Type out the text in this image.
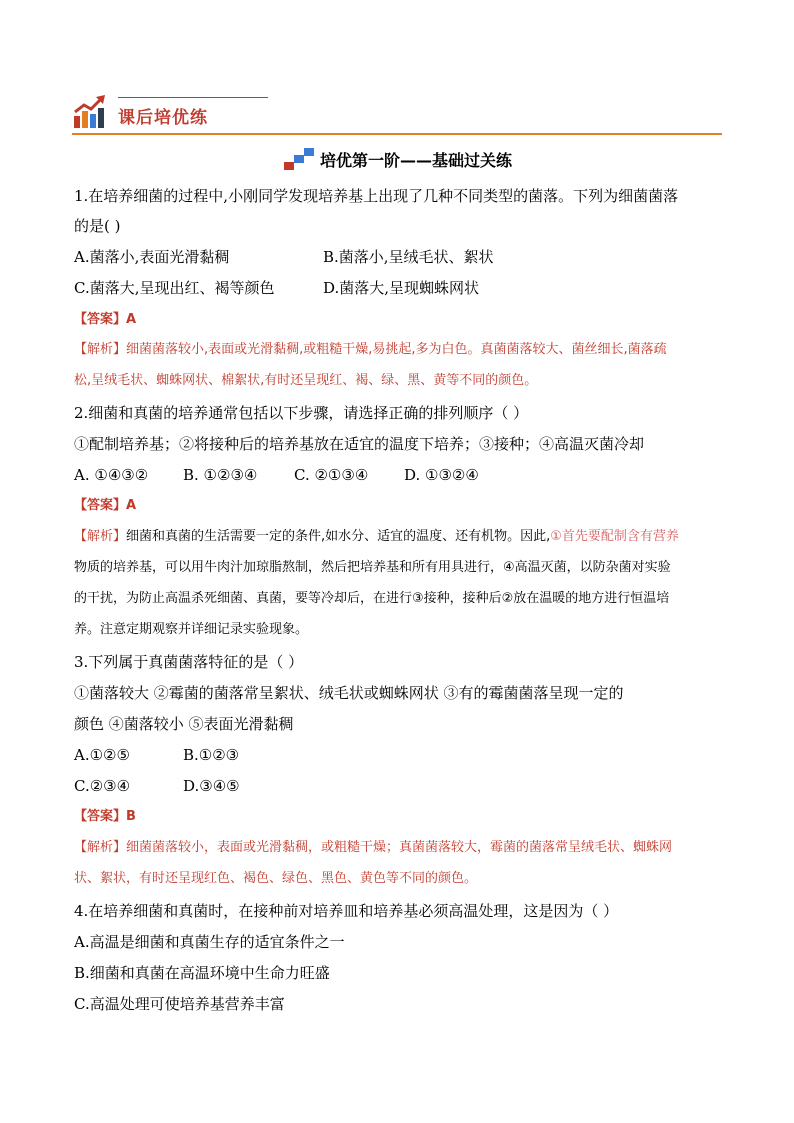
课后培优练
培优第一阶——基础过关练
1.在培养细菌的过程中,小刚同学发现培养基上出现了几种不同类型的菌落。下列为细菌菌落
的是( )
A.菌落小,表面光滑黏稠	B.菌落小,呈绒毛状、絮状
C.菌落大,呈现出红、褐等颜色	D.菌落大,呈现蜘蛛网状
【答案】A
【解析】细菌菌落较小,表面或光滑黏稠,或粗糙干燥,易挑起,多为白色。真菌菌落较大、菌丝细长,菌落疏
松,呈绒毛状、蜘蛛网状、棉絮状,有时还呈现红、褐、绿、黑、黄等不同的颜色。
2.细菌和真菌的培养通常包括以下步骤，请选择正确的排列顺序（ ）
①配制培养基；②将接种后的培养基放在适宜的温度下培养；③接种；④高温灭菌冷却
A. ①④③② B. ①②③④ C. ②①③④ D. ①③②④
【答案】A
【解析】细菌和真菌的生活需要一定的条件,如水分、适宜的温度、还有机物。因此,①首先要配制含有营养
物质的培养基，可以用牛肉汁加琼脂熬制，然后把培养基和所有用具进行，④高温灭菌，以防杂菌对实验
的干扰，为防止高温杀死细菌、真菌，要等冷却后，在进行③接种，接种后②放在温暖的地方进行恒温培
养。注意定期观察并详细记录实验现象。
3.下列属于真菌菌落特征的是（ ）
①菌落较大 ②霉菌的菌落常呈絮状、绒毛状或蜘蛛网状 ③有的霉菌菌落呈现一定的
颜色 ④菌落较小 ⑤表面光滑黏稠
A.①②⑤	B.①②③
C.②③④	D.③④⑤
【答案】B
【解析】细菌菌落较小，表面或光滑黏稠，或粗糙干燥；真菌菌落较大，霉菌的菌落常呈绒毛状、蜘蛛网
状、絮状，有时还呈现红色、褐色、绿色、黑色、黄色等不同的颜色。
4.在培养细菌和真菌时，在接种前对培养皿和培养基必须高温处理，这是因为（ ）
A.高温是细菌和真菌生存的适宜条件之一
B.细菌和真菌在高温环境中生命力旺盛
C.高温处理可使培养基营养丰富
